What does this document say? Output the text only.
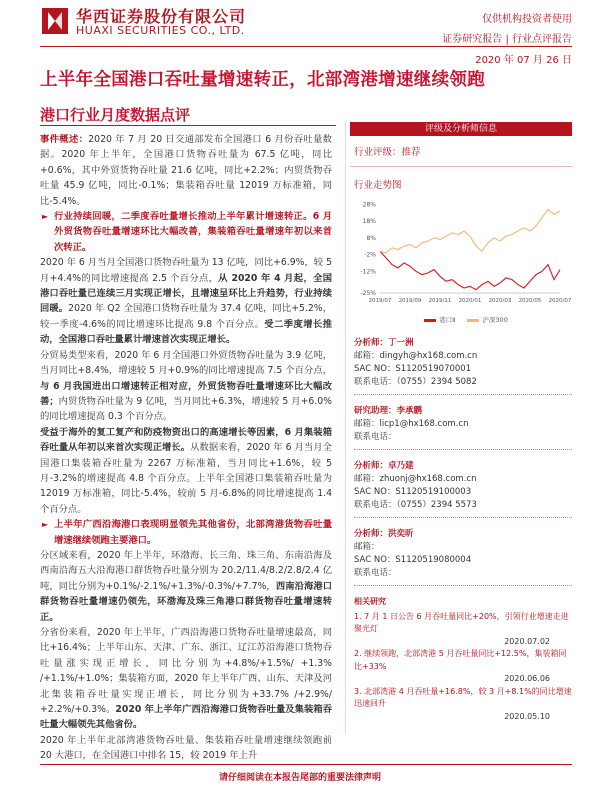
华西证券股份有限公司
HUAXI SECURITIES CO., LTD.
仅供机构投资者使用
证券研究报告 | 行业点评报告
2020 年 07 月 26 日
上半年全国港口吞吐量增速转正，北部湾港增速继续领跑
港口行业月度数据点评

事件概述：2020 年 7 月 20 日交通部发布全国港口 6 月份吞吐量数据。2020 年上半年，全国港口货物吞吐量为 67.5 亿吨，同比+0.6%，其中外贸货物吞吐量 21.6 亿吨，同比+2.2%；内贸货物吞吐量 45.9 亿吨，同比-0.1%；集装箱吞吐量 12019 万标准箱，同比-5.4%。

► 行业持续回暖，二季度吞吐量增长推动上半年累计增速转正。6 月外贸货物吞吐量增速环比大幅改善，集装箱吞吐量增速年初以来首次转正。

2020 年 6 月当月全国港口货物吞吐量为 13 亿吨，同比+6.9%，较 5 月+4.4%的同比增速提高 2.5 个百分点，从 2020 年 4 月起，全国港口吞吐量已连续三月实现正增长，且增速呈环比上升趋势，行业持续回暖。2020 年 Q2 全国港口货物吞吐量为 37.4 亿吨，同比+5.2%，较一季度-4.6%的同比增速环比提高 9.8 个百分点。受二季度增长推动，全国港口吞吐量累计增速首次实现正增长。

分贸易类型来看，2020 年 6 月全国港口外贸货物吞吐量为 3.9 亿吨，当月同比+8.4%，增速较 5 月+0.9%的同比增速提高 7.5 个百分点，与 6 月我国进出口增速转正相对应，外贸货物吞吐量增速环比大幅改善；内贸货物吞吐量为 9 亿吨，当月同比+6.3%，增速较 5 月+6.0%的同比增速提高 0.3 个百分点。

受益于海外的复工复产和防疫物资出口的高速增长等因素，6 月集装箱吞吐量从年初以来首次实现正增长。从数据来看，2020 年 6 月当月全国港口集装箱吞吐量为 2267 万标准箱，当月同比+1.6%，较 5 月-3.2%的增速提高 4.8 个百分点。上半年全国港口集装箱吞吐量为 12019 万标准箱，同比-5.4%，较前 5 月-6.8%的同比增速提高 1.4 个百分点。

► 上半年广西沿海港口表现明显领先其他省份，北部湾港货物吞吐量增速继续领跑主要港口。

分区域来看，2020 年上半年，环渤海、长三角、珠三角、东南沿海及西南沿海五大沿海港口群货物吞吐量分别为 20.2/11.4/8.2/2.8/2.4 亿吨，同比分别为+0.1%/-2.1%/+1.3%/-0.3%/+7.7%，西南沿海港口群货物吞吐量增速仍领先，环渤海及珠三角港口群货物吞吐量增速转正。

分省份来看，2020 年上半年，广西沿海港口货物吞吐量增速最高，同比+16.4%；上半年山东、天津、广东、浙江、辽江苏沿海港口货物吞吐量涨实现正增长，同比分别为+4.8%/+1.5%/ +1.3% /+1.1%/+1.0%；集装箱方面，2020 年上半年广西、山东、天津及河北集装箱吞吐量实现正增长，同比分别为+33.7% /+2.9%/ +2.2%/+0.3%。2020 年上半年广西沿海港口货物吞吐量及集装箱吞吐量大幅领先其他省份。

2020 年上半年北部湾港货物吞吐量、集装箱吞吐量增速继续领跑前 20 大港口，在全国港口中排名 15，较 2019 年上升

评级及分析师信息
行业评级：推荐
行业走势图
28%
18%
8%
-2%
-12%
-25%
2019/07 2019/09 2019/11 2020/01 2020/03 2020/05 2020/07
港口Ⅱ	沪深300
分析师：丁一洲
邮箱：dingyh@hx168.com.cn
SAC NO：S1120519070001
联系电话：（0755）2394 5082
研究助理：李承鹏
邮箱：licp1@hx168.com.cn
联系电话：
分析师：卓乃建
邮箱：zhuonj@hx168.com.cn
SAC NO：S1120519100003
联系电话：（0755）2394 5573
分析师：洪奕昕
邮箱：
SAC NO：S1120519080004
联系电话：
相关研究
1. 7 月 1 日公告 6 月吞吐量同比+20%，引领行业增速走进聚光灯
2020.07.02
2. 继续领跑，北部湾港 5 月吞吐量同比+12.5%，集装箱同比+33%
2020.06.06
3. 北部湾港 4 月吞吐量+16.8%，较 3 月+8.1%的同比增速迅速回升
2020.05.10
请仔细阅读在本报告尾部的重要法律声明
